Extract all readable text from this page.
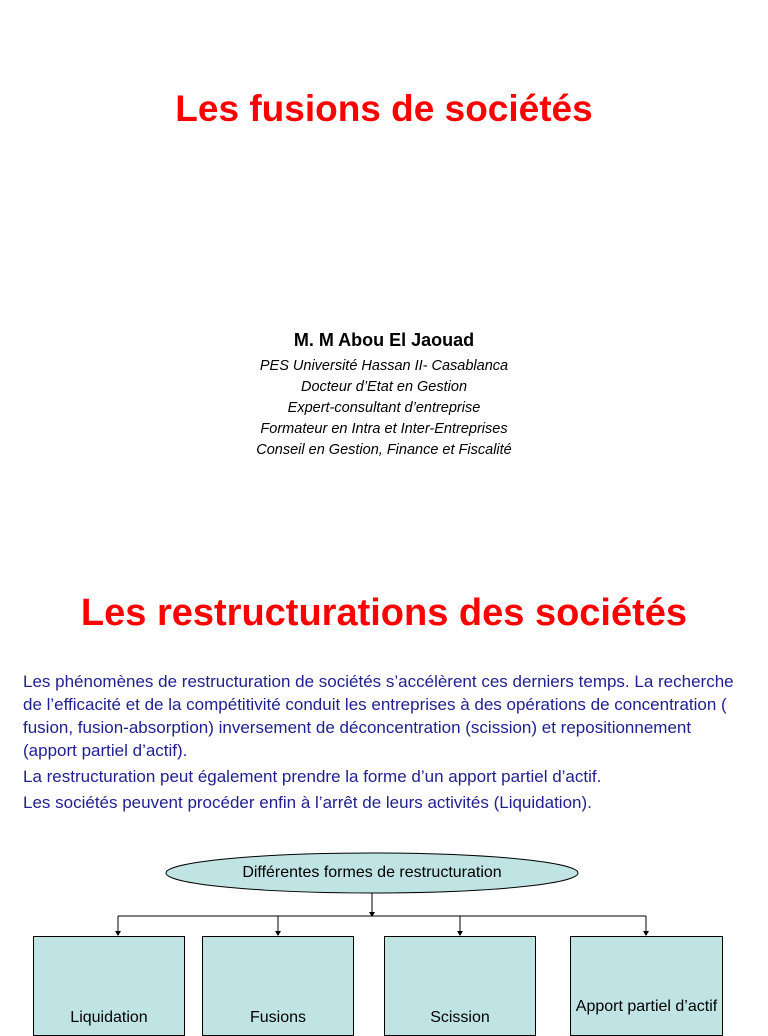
Les fusions de sociétés
M. M Abou El Jaouad
PES Université Hassan II- Casablanca
Docteur d’Etat en Gestion
Expert-consultant d’entreprise
Formateur en Intra et Inter-Entreprises
Conseil en Gestion, Finance et Fiscalité
Les restructurations des sociétés

Les phénomènes de restructuration de sociétés s’accélèrent ces derniers temps. La recherche de l’efficacité et de la compétitivité conduit les entreprises à des opérations de concentration ( fusion, fusion-absorption) inversement de déconcentration (scission) et repositionnement (apport partiel d’actif).

La restructuration peut également prendre la forme d’un apport partiel d’actif.

Les sociétés peuvent procéder enfin à l’arrêt de leurs activités (Liquidation).

Différentes formes de restructuration
Liquidation	Fusions	Scission
Apport partiel d’actif
